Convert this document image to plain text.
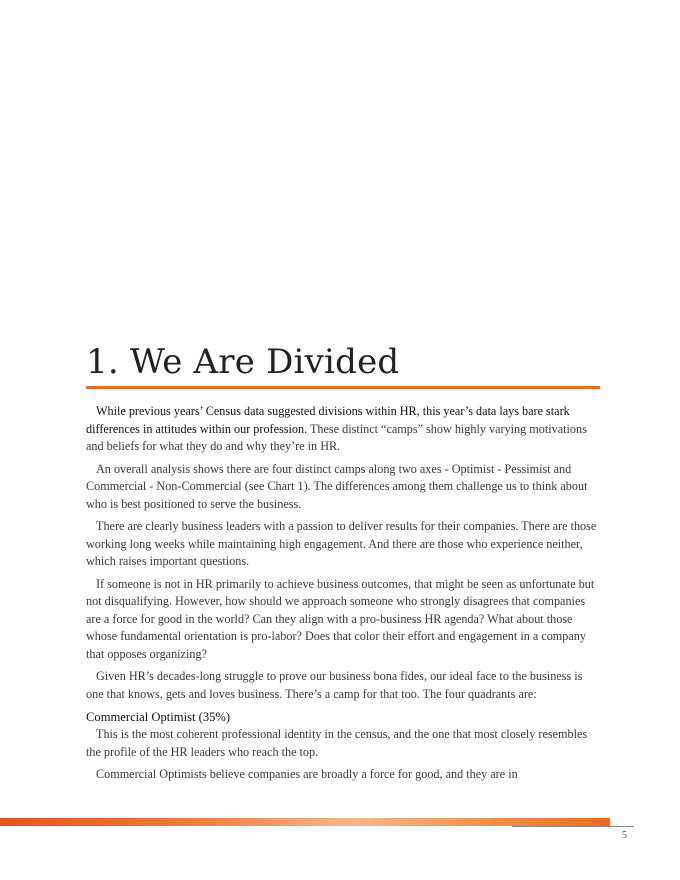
1. We Are Divided

While previous years’ Census data suggested divisions within HR, this year’s data lays bare stark differences in attitudes within our profession. These distinct “camps” show highly varying motivations and beliefs for what they do and why they’re in HR.

An overall analysis shows there are four distinct camps along two axes - Optimist - Pessimist and Commercial - Non-Commercial (see Chart 1). The differences among them challenge us to think about who is best positioned to serve the business.

There are clearly business leaders with a passion to deliver results for their companies. There are those working long weeks while maintaining high engagement. And there are those who experience neither, which raises important questions.

If someone is not in HR primarily to achieve business outcomes, that might be seen as unfortunate but not disqualifying. However, how should we approach someone who strongly disagrees that companies are a force for good in the world? Can they align with a pro-business HR agenda? What about those whose fundamental orientation is pro-labor? Does that color their effort and engagement in a company that opposes organizing?

Given HR’s decades-long struggle to prove our business bona fides, our ideal face to the business is one that knows, gets and loves business. There’s a camp for that too. The four quadrants are:

Commercial Optimist (35%)

This is the most coherent professional identity in the census, and the one that most closely resembles the profile of the HR leaders who reach the top.

Commercial Optimists believe companies are broadly a force for good, and they are in

5
